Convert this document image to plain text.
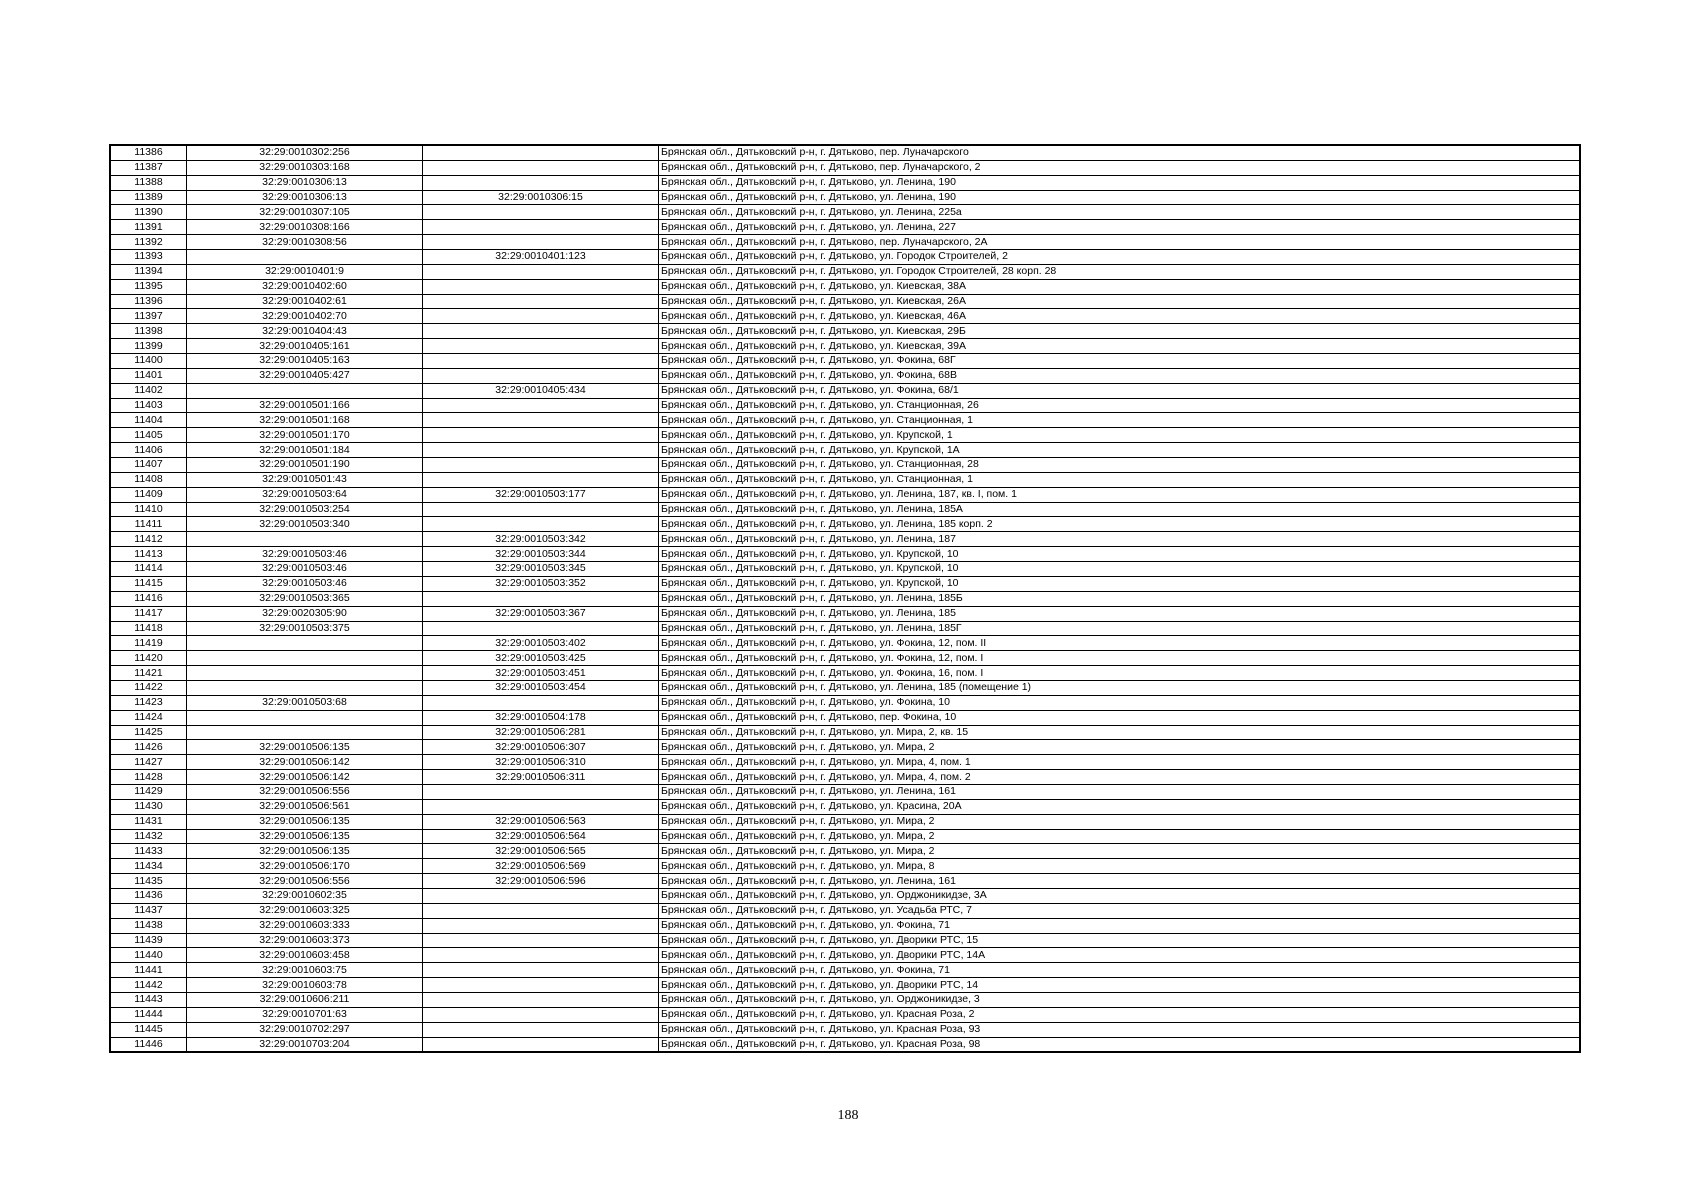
11386	32:29:0010302:256		Брянская обл., Дятьковский р-н, г. Дятьково, пер. Луначарского
11387	32:29:0010303:168		Брянская обл., Дятьковский р-н, г. Дятьково, пер. Луначарского, 2
11388	32:29:0010306:13		Брянская обл., Дятьковский р-н, г. Дятьково, ул. Ленина, 190
11389	32:29:0010306:13	32:29:0010306:15	Брянская обл., Дятьковский р-н, г. Дятьково, ул. Ленина, 190
11390	32:29:0010307:105		Брянская обл., Дятьковский р-н, г. Дятьково, ул. Ленина, 225а
11391	32:29:0010308:166		Брянская обл., Дятьковский р-н, г. Дятьково, ул. Ленина, 227
11392	32:29:0010308:56		Брянская обл., Дятьковский р-н, г. Дятьково, пер. Луначарского, 2А
11393		32:29:0010401:123	Брянская обл., Дятьковский р-н, г. Дятьково, ул. Городок Строителей, 2
11394	32:29:0010401:9		Брянская обл., Дятьковский р-н, г. Дятьково, ул. Городок Строителей, 28 корп. 28
11395	32:29:0010402:60		Брянская обл., Дятьковский р-н, г. Дятьково, ул. Киевская, 38А
11396	32:29:0010402:61		Брянская обл., Дятьковский р-н, г. Дятьково, ул. Киевская, 26А
11397	32:29:0010402:70		Брянская обл., Дятьковский р-н, г. Дятьково, ул. Киевская, 46А
11398	32:29:0010404:43		Брянская обл., Дятьковский р-н, г. Дятьково, ул. Киевская, 29Б
11399	32:29:0010405:161		Брянская обл., Дятьковский р-н, г. Дятьково, ул. Киевская, 39А
11400	32:29:0010405:163		Брянская обл., Дятьковский р-н, г. Дятьково, ул. Фокина, 68Г
11401	32:29:0010405:427		Брянская обл., Дятьковский р-н, г. Дятьково, ул. Фокина, 68В
11402		32:29:0010405:434	Брянская обл., Дятьковский р-н, г. Дятьково, ул. Фокина, 68/1
11403	32:29:0010501:166		Брянская обл., Дятьковский р-н, г. Дятьково, ул. Станционная, 26
11404	32:29:0010501:168		Брянская обл., Дятьковский р-н, г. Дятьково, ул. Станционная, 1
11405	32:29:0010501:170		Брянская обл., Дятьковский р-н, г. Дятьково, ул. Крупской, 1
11406	32:29:0010501:184		Брянская обл., Дятьковский р-н, г. Дятьково, ул. Крупской, 1А
11407	32:29:0010501:190		Брянская обл., Дятьковский р-н, г. Дятьково, ул. Станционная, 28
11408	32:29:0010501:43		Брянская обл., Дятьковский р-н, г. Дятьково, ул. Станционная, 1
11409	32:29:0010503:64	32:29:0010503:177	Брянская обл., Дятьковский р-н, г. Дятьково, ул. Ленина, 187, кв. I, пом. 1
11410	32:29:0010503:254		Брянская обл., Дятьковский р-н, г. Дятьково, ул. Ленина, 185А
11411	32:29:0010503:340		Брянская обл., Дятьковский р-н, г. Дятьково, ул. Ленина, 185 корп. 2
11412		32:29:0010503:342	Брянская обл., Дятьковский р-н, г. Дятьково, ул. Ленина, 187
11413	32:29:0010503:46	32:29:0010503:344	Брянская обл., Дятьковский р-н, г. Дятьково, ул. Крупской, 10
11414	32:29:0010503:46	32:29:0010503:345	Брянская обл., Дятьковский р-н, г. Дятьково, ул. Крупской, 10
11415	32:29:0010503:46	32:29:0010503:352	Брянская обл., Дятьковский р-н, г. Дятьково, ул. Крупской, 10
11416	32:29:0010503:365		Брянская обл., Дятьковский р-н, г. Дятьково, ул. Ленина, 185Б
11417	32:29:0020305:90	32:29:0010503:367	Брянская обл., Дятьковский р-н, г. Дятьково, ул. Ленина, 185
11418	32:29:0010503:375		Брянская обл., Дятьковский р-н, г. Дятьково, ул. Ленина, 185Г
11419		32:29:0010503:402	Брянская обл., Дятьковский р-н, г. Дятьково, ул. Фокина, 12, пом. II
11420		32:29:0010503:425	Брянская обл., Дятьковский р-н, г. Дятьково, ул. Фокина, 12, пом. I
11421		32:29:0010503:451	Брянская обл., Дятьковский р-н, г. Дятьково, ул. Фокина, 16, пом. I
11422		32:29:0010503:454	Брянская обл., Дятьковский р-н, г. Дятьково, ул. Ленина, 185 (помещение 1)
11423	32:29:0010503:68		Брянская обл., Дятьковский р-н, г. Дятьково, ул. Фокина, 10
11424		32:29:0010504:178	Брянская обл., Дятьковский р-н, г. Дятьково, пер. Фокина, 10
11425		32:29:0010506:281	Брянская обл., Дятьковский р-н, г. Дятьково, ул. Мира, 2, кв. 15
11426	32:29:0010506:135	32:29:0010506:307	Брянская обл., Дятьковский р-н, г. Дятьково, ул. Мира, 2
11427	32:29:0010506:142	32:29:0010506:310	Брянская обл., Дятьковский р-н, г. Дятьково, ул. Мира, 4, пом. 1
11428	32:29:0010506:142	32:29:0010506:311	Брянская обл., Дятьковский р-н, г. Дятьково, ул. Мира, 4, пом. 2
11429	32:29:0010506:556		Брянская обл., Дятьковский р-н, г. Дятьково, ул. Ленина, 161
11430	32:29:0010506:561		Брянская обл., Дятьковский р-н, г. Дятьково, ул. Красина, 20А
11431	32:29:0010506:135	32:29:0010506:563	Брянская обл., Дятьковский р-н, г. Дятьково, ул. Мира, 2
11432	32:29:0010506:135	32:29:0010506:564	Брянская обл., Дятьковский р-н, г. Дятьково, ул. Мира, 2
11433	32:29:0010506:135	32:29:0010506:565	Брянская обл., Дятьковский р-н, г. Дятьково, ул. Мира, 2
11434	32:29:0010506:170	32:29:0010506:569	Брянская обл., Дятьковский р-н, г. Дятьково, ул. Мира, 8
11435	32:29:0010506:556	32:29:0010506:596	Брянская обл., Дятьковский р-н, г. Дятьково, ул. Ленина, 161
11436	32:29:0010602:35		Брянская обл., Дятьковский р-н, г. Дятьково, ул. Орджоникидзе, 3А
11437	32:29:0010603:325		Брянская обл., Дятьковский р-н, г. Дятьково, ул. Усадьба РТС, 7
11438	32:29:0010603:333		Брянская обл., Дятьковский р-н, г. Дятьково, ул. Фокина, 71
11439	32:29:0010603:373		Брянская обл., Дятьковский р-н, г. Дятьково, ул. Дворики РТС, 15
11440	32:29:0010603:458		Брянская обл., Дятьковский р-н, г. Дятьково, ул. Дворики РТС, 14А
11441	32:29:0010603:75		Брянская обл., Дятьковский р-н, г. Дятьково, ул. Фокина, 71
11442	32:29:0010603:78		Брянская обл., Дятьковский р-н, г. Дятьково, ул. Дворики РТС, 14
11443	32:29:0010606:211		Брянская обл., Дятьковский р-н, г. Дятьково, ул. Орджоникидзе, 3
11444	32:29:0010701:63		Брянская обл., Дятьковский р-н, г. Дятьково, ул. Красная Роза, 2
11445	32:29:0010702:297		Брянская обл., Дятьковский р-н, г. Дятьково, ул. Красная Роза, 93
11446	32:29:0010703:204		Брянская обл., Дятьковский р-н, г. Дятьково, ул. Красная Роза, 98
188
